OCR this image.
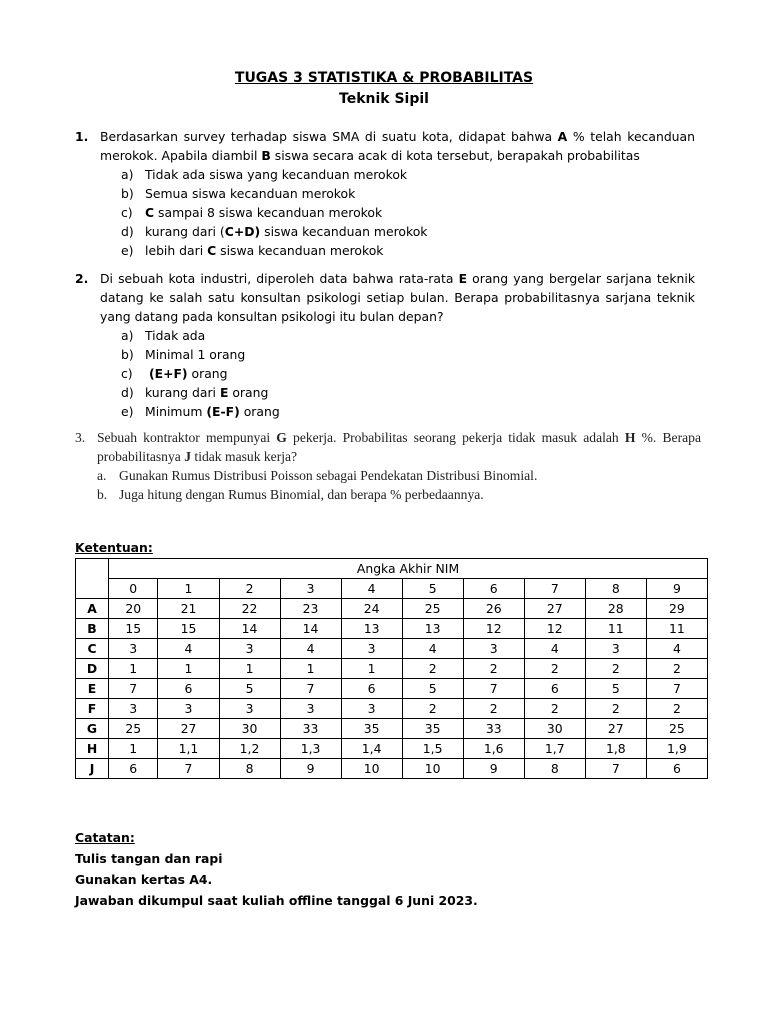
TUGAS 3 STATISTIKA & PROBABILITAS
Teknik Sipil
1. Berdasarkan survey terhadap siswa SMA di suatu kota, didapat bahwa A % telah kecanduan merokok. Apabila diambil B siswa secara acak di kota tersebut, berapakah probabilitas
a) Tidak ada siswa yang kecanduan merokok
b) Semua siswa kecanduan merokok
c) C sampai 8 siswa kecanduan merokok
d) kurang dari (C+D) siswa kecanduan merokok
e) lebih dari C siswa kecanduan merokok
2. Di sebuah kota industri, diperoleh data bahwa rata-rata E orang yang bergelar sarjana teknik datang ke salah satu konsultan psikologi setiap bulan. Berapa probabilitasnya sarjana teknik yang datang pada konsultan psikologi itu bulan depan?
a) Tidak ada
b) Minimal 1 orang
c) (E+F) orang
d) kurang dari E orang
e) Minimum (E-F) orang
3. Sebuah kontraktor mempunyai G pekerja. Probabilitas seorang pekerja tidak masuk adalah H %. Berapa probabilitasnya J tidak masuk kerja?
a. Gunakan Rumus Distribusi Poisson sebagai Pendekatan Distribusi Binomial.
b. Juga hitung dengan Rumus Binomial, dan berapa % perbedaannya.
Ketentuan:
	Angka Akhir NIM									
	0	1	2	3	4	5	6	7	8	9
A	20	21	22	23	24	25	26	27	28	29
B	15	15	14	14	13	13	12	12	11	11
C	3	4	3	4	3	4	3	4	3	4
D	1	1	1	1	1	2	2	2	2	2
E	7	6	5	7	6	5	7	6	5	7
F	3	3	3	3	3	2	2	2	2	2
G	25	27	30	33	35	35	33	30	27	25
H	1	1,1	1,2	1,3	1,4	1,5	1,6	1,7	1,8	1,9
J	6	7	8	9	10	10	9	8	7	6
Catatan:
Tulis tangan dan rapi
Gunakan kertas A4.
Jawaban dikumpul saat kuliah offline tanggal 6 Juni 2023.
